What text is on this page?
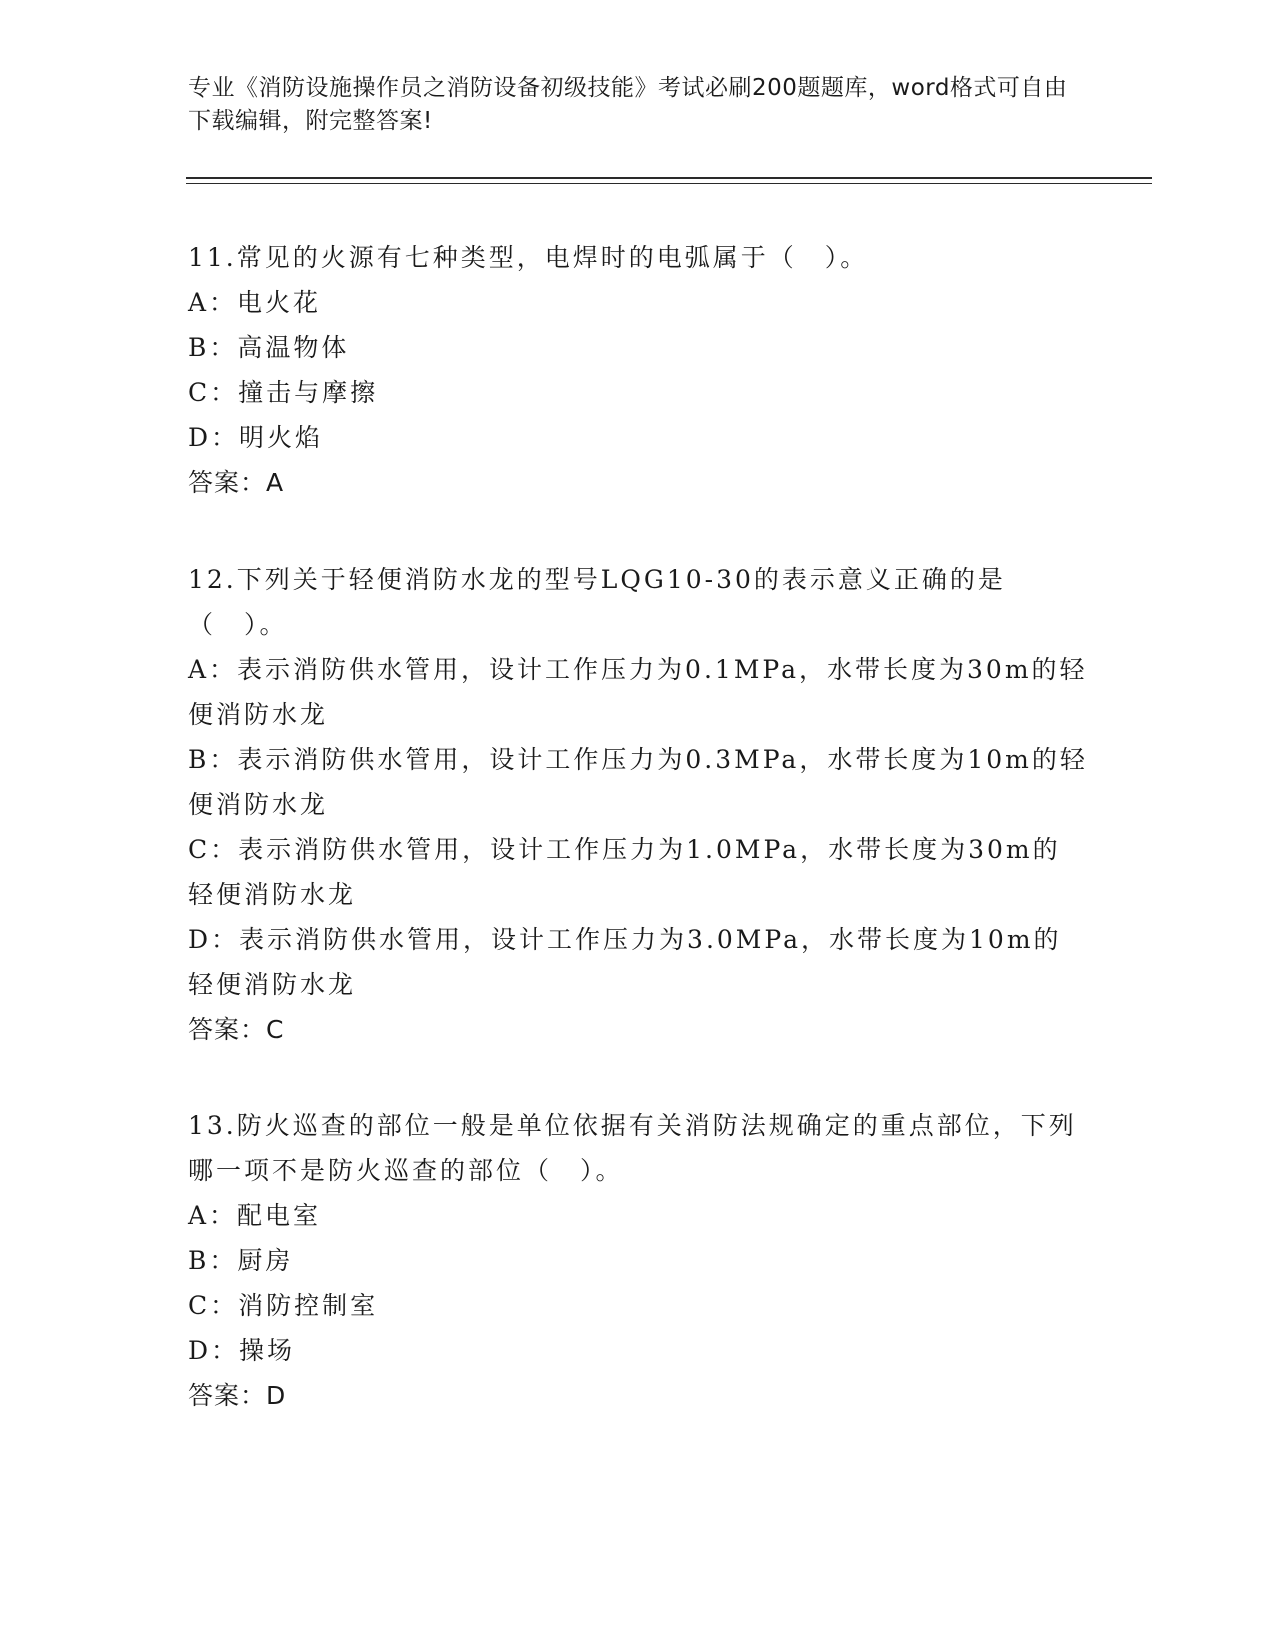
专业《消防设施操作员之消防设备初级技能》考试必刷200题题库，word格式可自由下载编辑，附完整答案!
11.常见的火源有七种类型，电焊时的电弧属于（　）。
A：电火花
B：高温物体
C：撞击与摩擦
D：明火焰
答案：A
12.下列关于轻便消防水龙的型号LQG10-30的表示意义正确的是（　）。
A：表示消防供水管用，设计工作压力为0.1MPa，水带长度为30m的轻便消防水龙
B：表示消防供水管用，设计工作压力为0.3MPa，水带长度为10m的轻便消防水龙
C：表示消防供水管用，设计工作压力为1.0MPa，水带长度为30m的轻便消防水龙
D：表示消防供水管用，设计工作压力为3.0MPa，水带长度为10m的轻便消防水龙
答案：C
13.防火巡查的部位一般是单位依据有关消防法规确定的重点部位，下列哪一项不是防火巡查的部位（　）。
A：配电室
B：厨房
C：消防控制室
D：操场
答案：D
